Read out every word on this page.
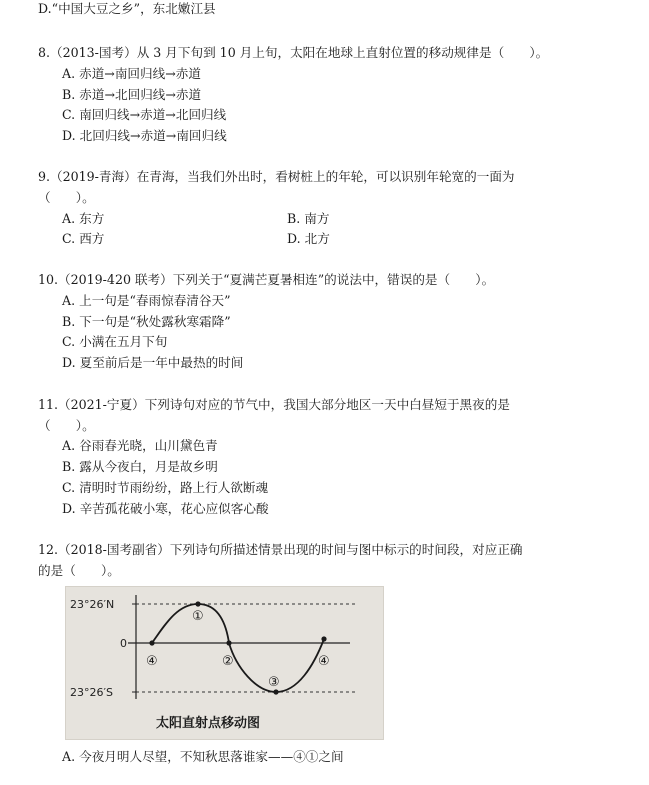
D.“中国大豆之乡”，东北嫩江县
8.（2013-国考）从 3 月下旬到 10 月上旬，太阳在地球上直射位置的移动规律是（　　）。
A. 赤道→南回归线→赤道
B. 赤道→北回归线→赤道
C. 南回归线→赤道→北回归线
D. 北回归线→赤道→南回归线
9.（2019-青海）在青海，当我们外出时，看树桩上的年轮，可以识别年轮宽的一面为
（　　）。
A. 东方	B. 南方
C. 西方	D. 北方
10.（2019-420 联考）下列关于“夏满芒夏暑相连”的说法中，错误的是（　　）。
A. 上一句是“春雨惊春清谷天”
B. 下一句是“秋处露秋寒霜降”
C. 小满在五月下旬
D. 夏至前后是一年中最热的时间
11.（2021-宁夏）下列诗句对应的节气中，我国大部分地区一天中白昼短于黑夜的是
（　　）。
A. 谷雨春光晓，山川黛色青
B. 露从今夜白，月是故乡明
C. 清明时节雨纷纷，路上行人欲断魂
D. 辛苦孤花破小寒，花心应似客心酸
12.（2018-国考副省）下列诗句所描述情景出现的时间与图中标示的时间段，对应正确
的是（　　）。
23°26′N
0
23°26′S
①
②
③
④	④
太阳直射点移动图
A. 今夜月明人尽望，不知秋思落谁家——④①之间
